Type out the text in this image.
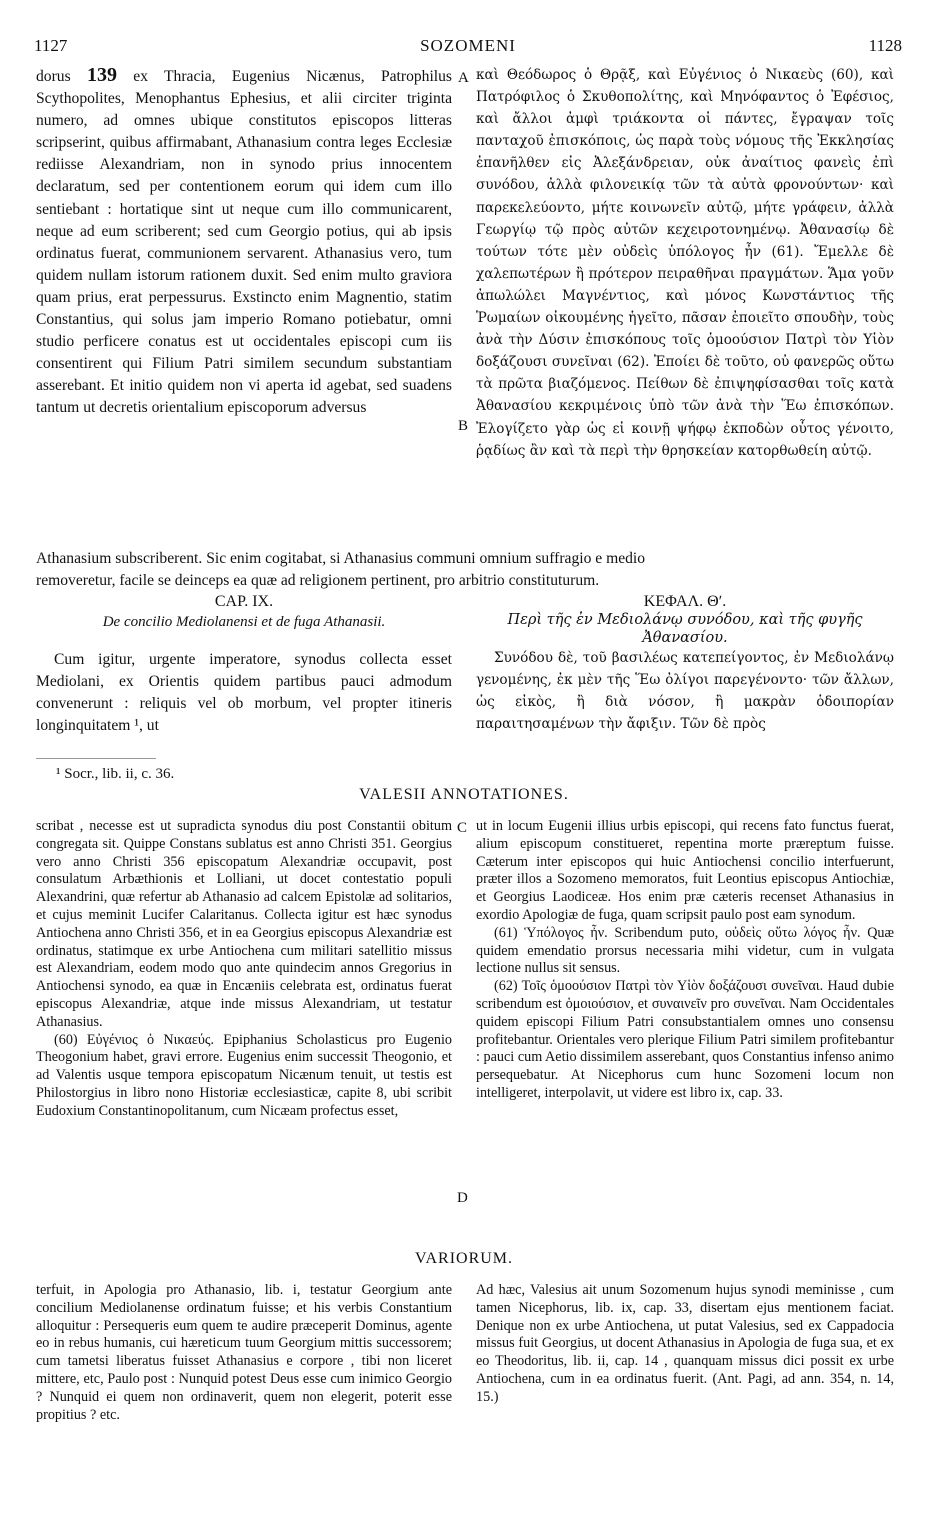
1127	SOZOMENI	1128

dorus 139 ex Thracia, Eugenius Nicænus, Patrophilus Scythopolites, Menophantus Ephesius, et alii circiter triginta numero, ad omnes ubique constitutos episcopos litteras scripserint, quibus affirmabant, Athanasium contra leges Ecclesiæ rediisse Alexandriam, non in synodo prius innocentem declaratum, sed per contentionem eorum qui idem cum illo sentiebant : hortatique sint ut neque cum illo communicarent, neque ad eum scriberent; sed cum Georgio potius, qui ab ipsis ordinatus fuerat, communionem servarent. Athanasius vero, tum quidem nullam istorum rationem duxit. Sed enim multo graviora quam prius, erat perpessurus. Exstincto enim Magnentio, statim Constantius, qui solus jam imperio Romano potiebatur, omni studio perficere conatus est ut occidentales episcopi cum iis consentirent qui Filium Patri similem secundum substantiam asserebant. Et initio quidem non vi aperta id agebat, sed suadens tantum ut decretis orientalium episcoporum adversus

A
B

καὶ Θεόδωρος ὁ Θρᾷξ, καὶ Εὐγένιος ὁ Νικαεὺς (60), καὶ Πατρόφιλος ὁ Σκυθοπολίτης, καὶ Μηνόφαντος ὁ Ἐφέσιος, καὶ ἄλλοι ἀμφὶ τριάκοντα οἱ πάντες, ἔγραψαν τοῖς πανταχοῦ ἐπισκόποις, ὡς παρὰ τοὺς νόμους τῆς Ἐκκλησίας ἐπανῆλθεν εἰς Ἀλεξάνδρειαν, οὐκ ἀναίτιος φανεὶς ἐπὶ συνόδου, ἀλλὰ φιλονεικίᾳ τῶν τὰ αὐτὰ φρονούντων· καὶ παρεκελεύοντο, μήτε κοινωνεῖν αὐτῷ, μήτε γράφειν, ἀλλὰ Γεωργίῳ τῷ πρὸς αὐτῶν κεχειροτονημένῳ. Ἀθανασίῳ δὲ τούτων τότε μὲν οὐδεὶς ὑπόλογος ἦν (61). Ἔμελλε δὲ χαλεπωτέρων ἢ πρότερον πειραθῆναι πραγμάτων. Ἅμα γοῦν ἀπωλώλει Μαγνέντιος, καὶ μόνος Κωνστάντιος τῆς Ῥωμαίων οἰκουμένης ἡγεῖτο, πᾶσαν ἐποιεῖτο σπουδὴν, τοὺς ἀνὰ τὴν Δύσιν ἐπισκόπους τοῖς ὁμοούσιον Πατρὶ τὸν Υἱὸν δοξάζουσι συνεῖναι (62). Ἐποίει δὲ τοῦτο, οὐ φανερῶς οὕτω τὰ πρῶτα βιαζόμενος. Πείθων δὲ ἐπιψηφίσασθαι τοῖς κατὰ Ἀθανασίου κεκριμένοις ὑπὸ τῶν ἀνὰ τὴν Ἕω ἐπισκόπων. Ἐλογίζετο γὰρ ὡς εἰ κοινῇ ψήφῳ ἐκποδὼν οὗτος γένοιτο, ῥᾳδίως ἂν καὶ τὰ περὶ τὴν θρησκείαν κατορθωθείη αὐτῷ.

Athanasium subscriberent. Sic enim cogitabat, si Athanasius communi omnium suffragio e medio
removeretur, facile se deinceps ea quæ ad religionem pertinent, pro arbitrio constituturum.
CAP. IX.
De concilio Mediolanensi et de fuga Athanasii.
Cum igitur, urgente imperatore, synodus collecta esset Mediolani, ex Orientis quidem partibus pauci admodum convenerunt : reliquis vel ob morbum, vel propter itineris longinquitatem ¹, ut
ΚΕΦΑΛ. Θʹ.
Περὶ τῆς ἐν Μεδιολάνῳ συνόδου, καὶ τῆς φυγῆς Ἀθανασίου.
Συνόδου δὲ, τοῦ βασιλέως κατεπείγοντος, ἐν Μεδιολάνῳ γενομένης, ἐκ μὲν τῆς Ἕω ὀλίγοι παρεγένοντο· τῶν ἄλλων, ὡς εἰκὸς, ἢ διὰ νόσον, ἢ μακρὰν ὁδοιπορίαν παραιτησαμένων τὴν ἄφιξιν. Τῶν δὲ πρὸς
¹ Socr., lib. ii, c. 36.
VALESII ANNOTATIONES.
C
D

scribat , necesse est ut supradicta synodus diu post Constantii obitum congregata sit. Quippe Constans sublatus est anno Christi 351. Georgius vero anno Christi 356 episcopatum Alexandriæ occupavit, post consulatum Arbæthionis et Lolliani, ut docet contestatio populi Alexandrini, quæ refertur ab Athanasio ad calcem Epistolæ ad solitarios, et cujus meminit Lucifer Calaritanus. Collecta igitur est hæc synodus Antiochena anno Christi 356, et in ea Georgius episcopus Alexandriæ est ordinatus, statimque ex urbe Antiochena cum militari satellitio missus est Alexandriam, eodem modo quo ante quindecim annos Gregorius in Antiochensi synodo, ea quæ in Encæniis celebrata est, ordinatus fuerat episcopus Alexandriæ, atque inde missus Alexandriam, ut testatur Athanasius.

(60) Εὐγένιος ὁ Νικαεύς. Epiphanius Scholasticus pro Eugenio Theogonium habet, gravi errore. Eugenius enim successit Theogonio, et ad Valentis usque tempora episcopatum Nicænum tenuit, ut testis est Philostorgius in libro nono Historiæ ecclesiasticæ, capite 8, ubi scribit Eudoxium Constantinopolitanum, cum Nicæam profectus esset,

ut in locum Eugenii illius urbis episcopi, qui recens fato functus fuerat, alium episcopum constitueret, repentina morte præreptum fuisse. Cæterum inter episcopos qui huic Antiochensi concilio interfuerunt, præter illos a Sozomeno memoratos, fuit Leontius episcopus Antiochiæ, et Georgius Laodiceæ. Hos enim præ cæteris recenset Athanasius in exordio Apologiæ de fuga, quam scripsit paulo post eam synodum.

(61) Ὑπόλογος ἦν. Scribendum puto, οὐδεὶς οὕτω λόγος ἦν. Quæ quidem emendatio prorsus necessaria mihi videtur, cum in vulgata lectione nullus sit sensus.

(62) Τοῖς ὁμοούσιον Πατρὶ τὸν Υἱὸν δοξάζουσι συνεῖναι. Haud dubie scribendum est ὁμοιούσιον, et συναινεῖν pro συνεῖναι. Nam Occidentales quidem episcopi Filium Patri consubstantialem omnes uno consensu profitebantur. Orientales vero plerique Filium Patri similem profitebantur : pauci cum Aetio dissimilem asserebant, quos Constantius infenso animo persequebatur. At Nicephorus cum hunc Sozomeni locum non intelligeret, interpolavit, ut videre est libro ix, cap. 33.

VARIORUM.

terfuit, in Apologia pro Athanasio, lib. i, testatur Georgium ante concilium Mediolanense ordinatum fuisse; et his verbis Constantium alloquitur : Persequeris eum quem te audire præceperit Dominus, agente eo in rebus humanis, cui hæreticum tuum Georgium mittis successorem; cum tametsi liberatus fuisset Athanasius e corpore , tibi non liceret mittere, etc, Paulo post : Nunquid potest Deus esse cum inimico Georgio ? Nunquid ei quem non ordinaverit, quem non elegerit, poterit esse propitius ? etc.

Ad hæc, Valesius ait unum Sozomenum hujus synodi meminisse , cum tamen Nicephorus, lib. ix, cap. 33, disertam ejus mentionem faciat. Denique non ex urbe Antiochena, ut putat Valesius, sed ex Cappadocia missus fuit Georgius, ut docent Athanasius in Apologia de fuga sua, et ex eo Theodoritus, lib. ii, cap. 14 , quanquam missus dici possit ex urbe Antiochena, cum in ea ordinatus fuerit. (Ant. Pagi, ad ann. 354, n. 14, 15.)
